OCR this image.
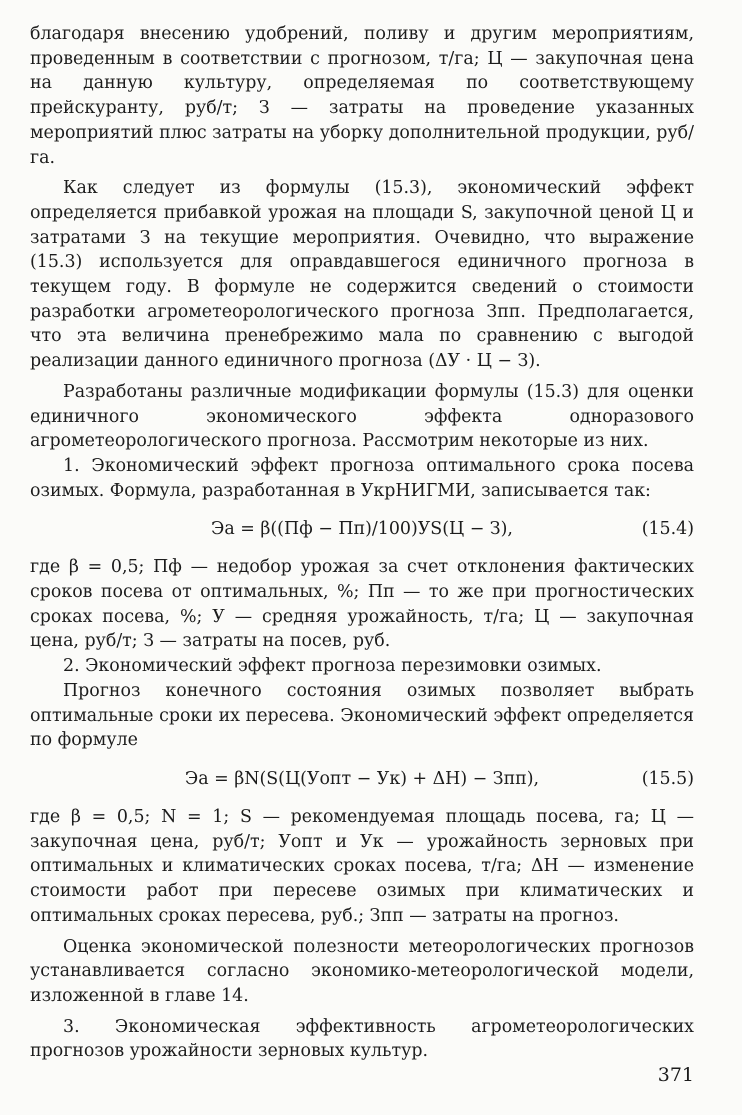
благодаря внесению удобрений, поливу и другим мероприятиям, проведенным в соответствии с прогнозом, т/га; Ц — закупочная цена на данную культуру, определяемая по соответствующему прейскуранту, руб/т; З — затраты на проведение указанных мероприятий плюс затраты на уборку дополнительной продукции, руб/га.

Как следует из формулы (15.3), экономический эффект определяется прибавкой урожая на площади S, закупочной ценой Ц и затратами З на текущие мероприятия. Очевидно, что выражение (15.3) используется для оправдавшегося единичного прогноза в текущем году. В формуле не содержится сведений о стоимости разработки агрометеорологического прогноза Зпп. Предполагается, что эта величина пренебрежимо мала по сравнению с выгодой реализации данного единичного прогноза (ΔУ · Ц − З).

Разработаны различные модификации формулы (15.3) для оценки единичного экономического эффекта одноразового агрометеорологического прогноза. Рассмотрим некоторые из них.

1. Экономический эффект прогноза оптимального срока посева озимых. Формула, разработанная в УкрНИГМИ, записывается так:

Эа = β((Пф − Пп)/100)УS(Ц − З),	(15.4)

где β = 0,5; Пф — недобор урожая за счет отклонения фактических сроков посева от оптимальных, %; Пп — то же при прогностических сроках посева, %; У — средняя урожайность, т/га; Ц — закупочная цена, руб/т; З — затраты на посев, руб.

2. Экономический эффект прогноза перезимовки озимых.

Прогноз конечного состояния озимых позволяет выбрать оптимальные сроки их пересева. Экономический эффект определяется по формуле

Эа = βN(S(Ц(Уопт − Ук) + ΔH) − Зпп),	(15.5)

где β = 0,5; N = 1; S — рекомендуемая площадь посева, га; Ц — закупочная цена, руб/т; Уопт и Ук — урожайность зерновых при оптимальных и климатических сроках посева, т/га; ΔН — изменение стоимости работ при пересеве озимых при климатических и оптимальных сроках пересева, руб.; Зпп — затраты на прогноз.

Оценка экономической полезности метеорологических прогнозов устанавливается согласно экономико-метеорологической модели, изложенной в главе 14.

3. Экономическая эффективность агрометеорологических прогнозов урожайности зерновых культур.

371
